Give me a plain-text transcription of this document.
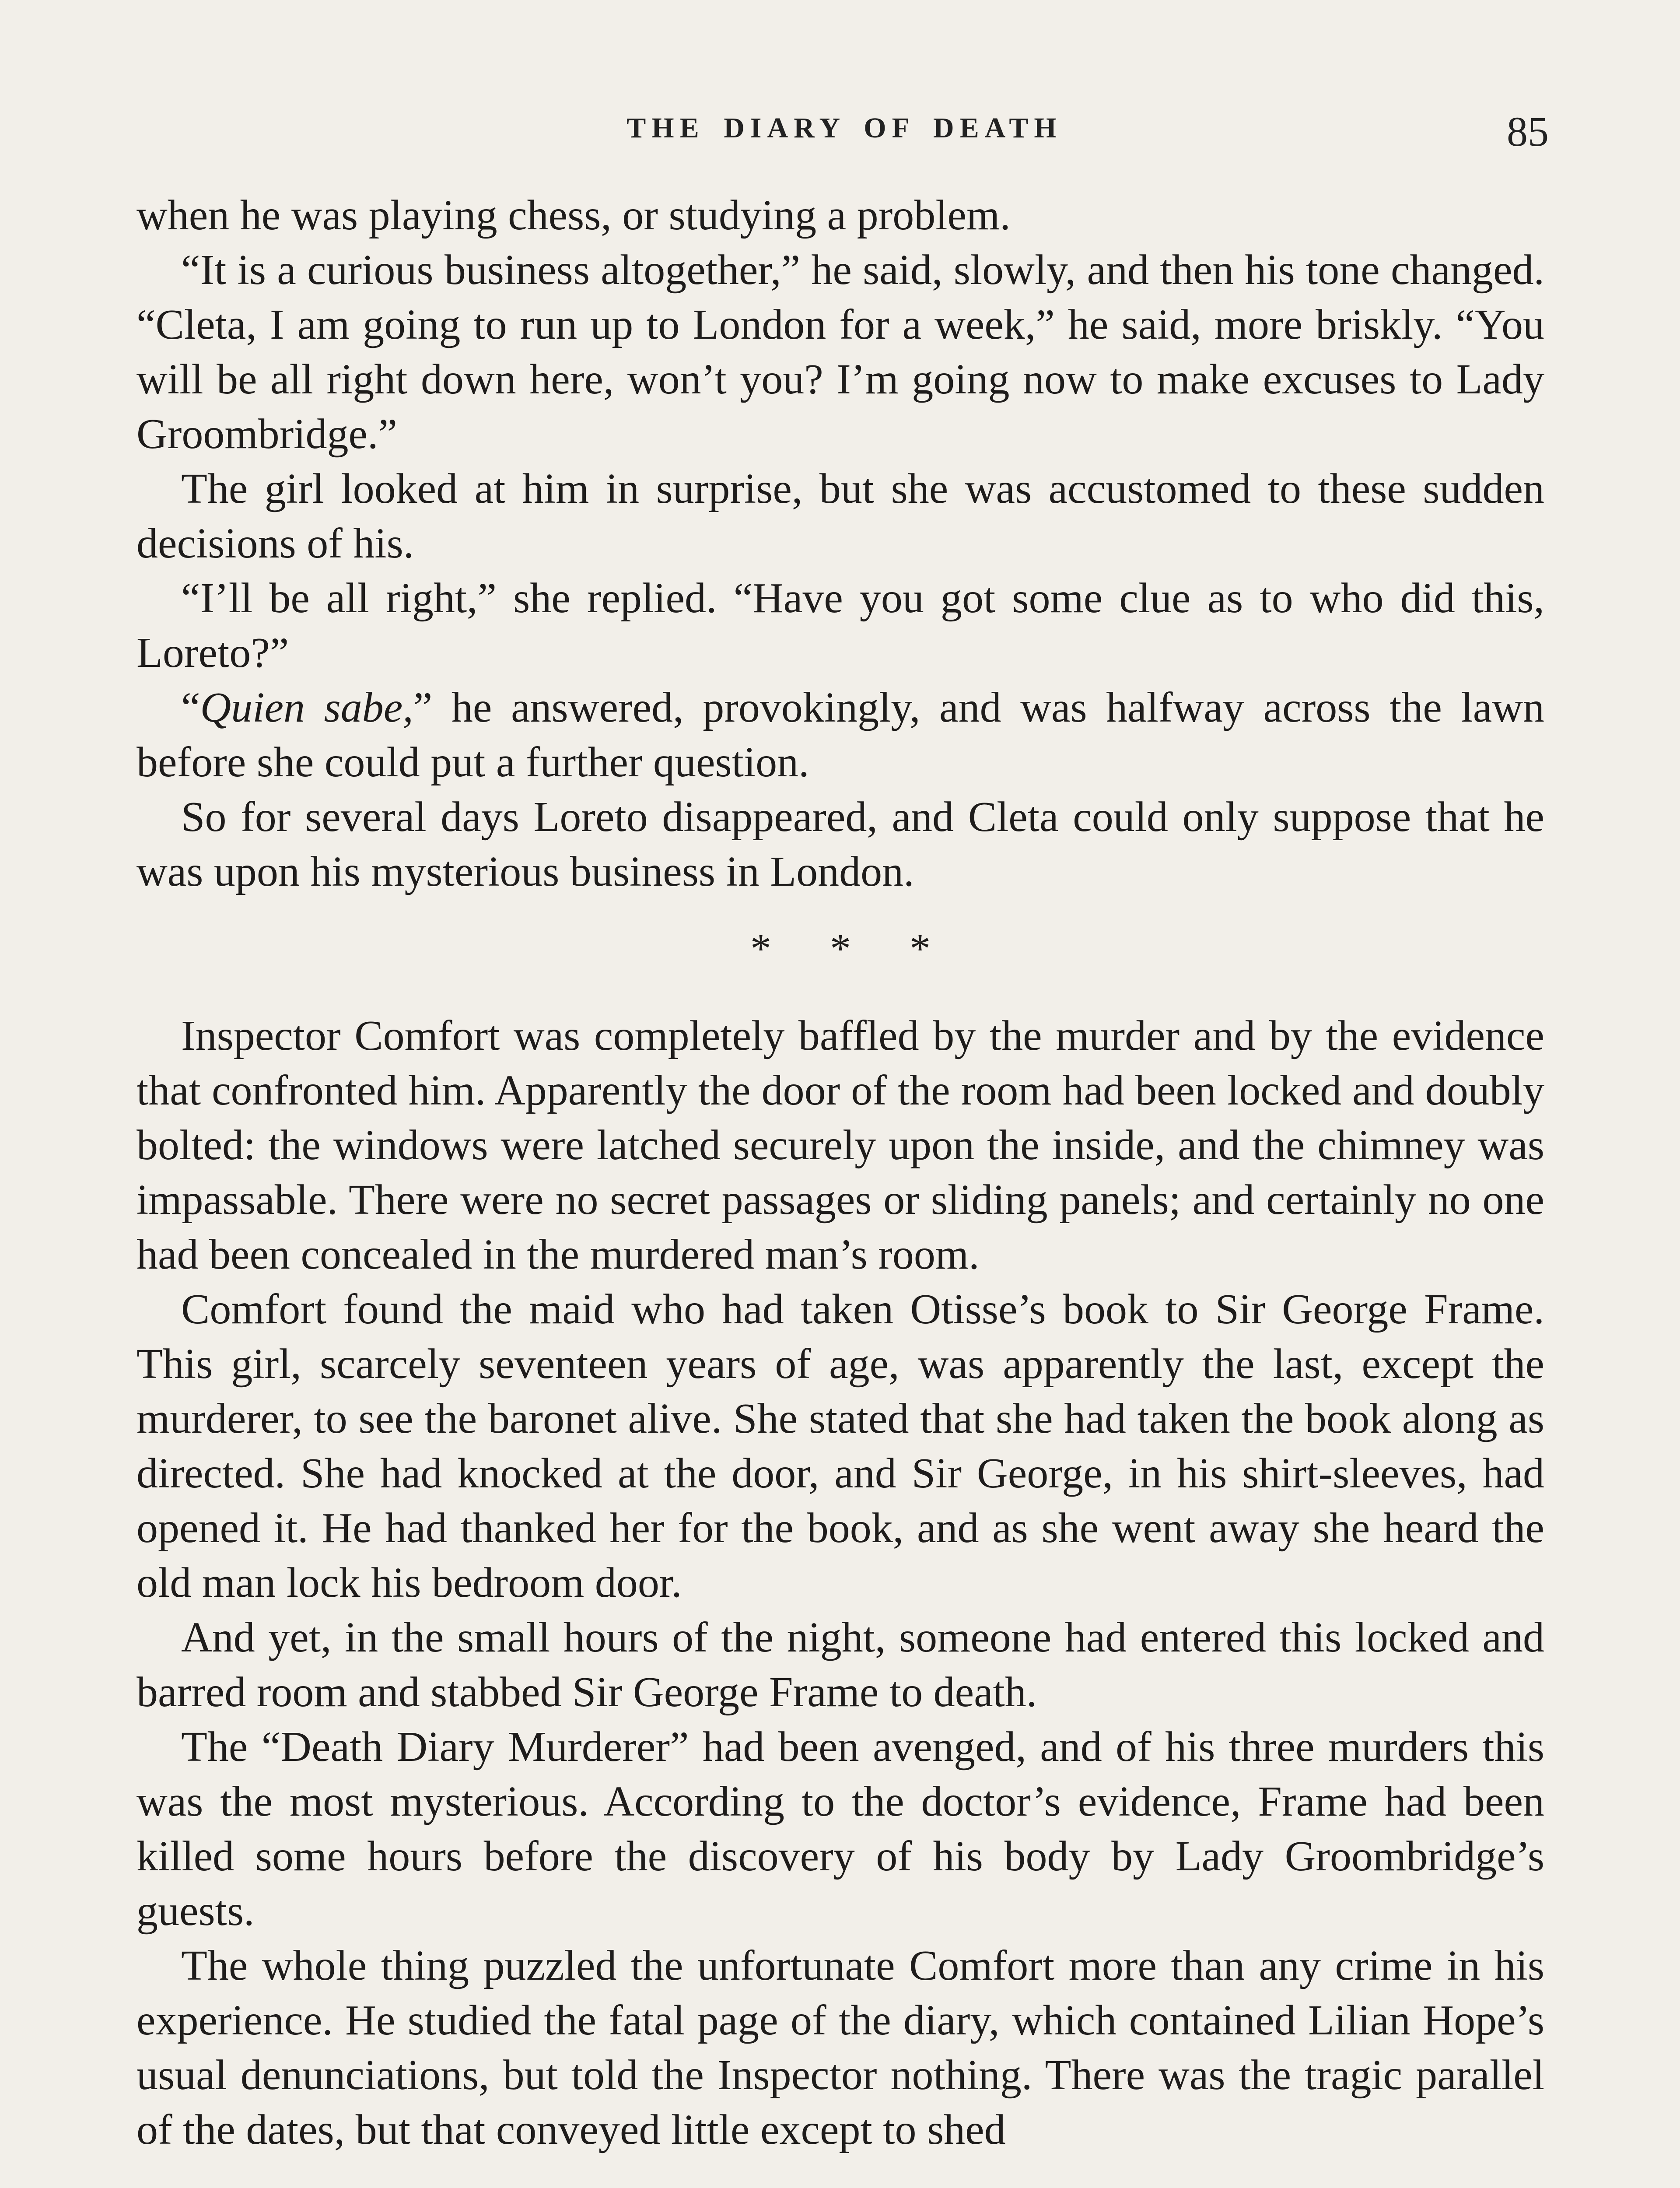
THE DIARY OF DEATH	85

when he was playing chess, or studying a problem.

“It is a curious business altogether,” he said, slowly, and then his tone changed. “Cleta, I am going to run up to London for a week,” he said, more briskly. “You will be all right down here, won’t you? I’m going now to make excuses to Lady Groombridge.”

The girl looked at him in surprise, but she was accustomed to these sudden decisions of his.

“I’ll be all right,” she replied. “Have you got some clue as to who did this, Loreto?”

“Quien sabe,” he answered, provokingly, and was halfway across the lawn before she could put a further question.

So for several days Loreto disappeared, and Cleta could only suppose that he was upon his mysterious business in London.

* * *

Inspector Comfort was completely baffled by the murder and by the evidence that confronted him. Apparently the door of the room had been locked and doubly bolted: the windows were latched securely upon the inside, and the chimney was impassable. There were no secret passages or sliding panels; and certainly no one had been concealed in the murdered man’s room.

Comfort found the maid who had taken Otisse’s book to Sir George Frame. This girl, scarcely seventeen years of age, was apparently the last, except the murderer, to see the baronet alive. She stated that she had taken the book along as directed. She had knocked at the door, and Sir George, in his shirt-sleeves, had opened it. He had thanked her for the book, and as she went away she heard the old man lock his bedroom door.

And yet, in the small hours of the night, someone had entered this locked and barred room and stabbed Sir George Frame to death.

The “Death Diary Murderer” had been avenged, and of his three murders this was the most mysterious. According to the doctor’s evidence, Frame had been killed some hours before the discovery of his body by Lady Groombridge’s guests.

The whole thing puzzled the unfortunate Comfort more than any crime in his experience. He studied the fatal page of the diary, which contained Lilian Hope’s usual denunciations, but told the Inspector nothing. There was the tragic parallel of the dates, but that conveyed little except to shed
